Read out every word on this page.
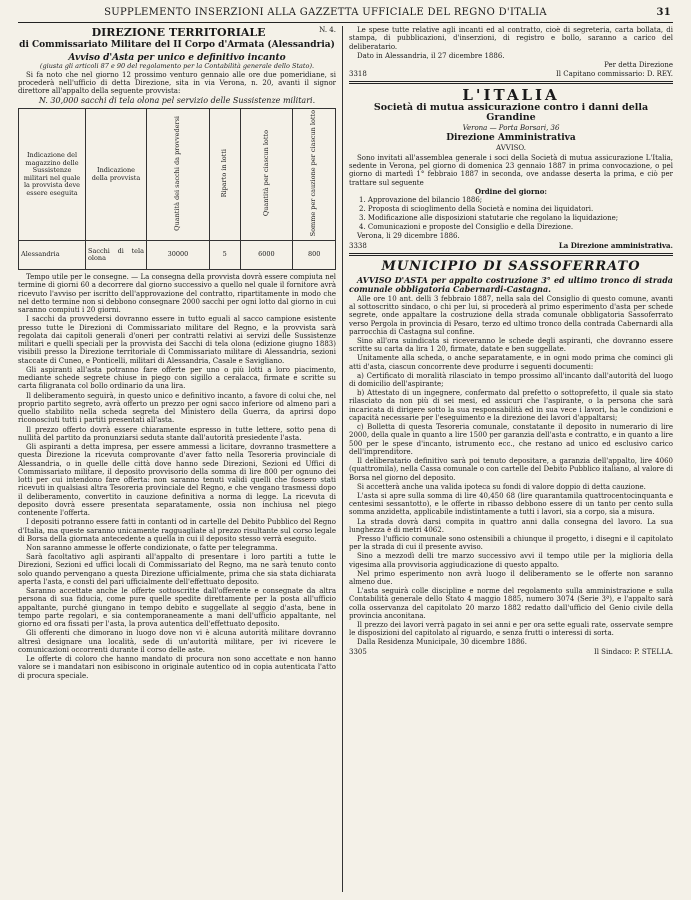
SUPPLEMENTO INSERZIONI ALLA GAZZETTA UFFICIALE DEL REGNO D'ITALIA	31
DIREZIONE TERRITORIALE	N. 4.
di Commissariato Militare del II Corpo d'Armata (Alessandria)
Avviso d'Asta per unico e definitivo incanto
(giusta gli articoli 87 e 90 del regolamento per la Contabilità generale dello Stato).

Si fa noto che nel giorno 12 prossimo venturo gennaio alle ore due pomeridiane, si procederà nell'ufficio di detta Direzione, sita in via Verona, n. 20, avanti il signor direttore all'appalto della seguente provvista:

N. 30,000 sacchi di tela olona pel servizio delle Sussistenze militari.

Indicazione del magazzino delle Sussistenze militari nel quale la provvista deve essere eseguita	Indicazione della provvista	Quantità dei sacchi da provvedersi	Riparto in lotti	Quantità per ciascun lotto	Somme per cauzione per ciascun lotto
Alessandria	Sacchi di tela olona	30000	5	6000	800

Tempo utile per le consegne. — La consegna della provvista dovrà essere compiuta nel termine di giorni 60 a decorrere dal giorno successivo a quello nel quale il fornitore avrà ricevuto l'avviso per iscritto dell'approvazione del contratto, ripartitamente in modo che nel detto termine non si debbono consegnare 2000 sacchi per ogni lotto dal giorno in cui saranno compiuti i 20 giorni.

I sacchi da provvedersi dovranno essere in tutto eguali al sacco campione esistente presso tutte le Direzioni di Commissariato militare del Regno, e la provvista sarà regolata dai capitoli generali d'oneri per contratti relativi ai servizi delle Sussistenze militari e quelli speciali per la provvista dei Sacchi di tela olona (edizione giugno 1883) visibili presso la Direzione territoriale di Commissariato militare di Alessandria, sezioni staccate di Cuneo, e Ponticelli, militari di Alessandria, Casale e Savigliano.

Gli aspiranti all'asta potranno fare offerte per uno o più lotti a loro piacimento, mediante schede segrete chiuse in piego con sigillo a ceralacca, firmate e scritte su carta filigranata col bollo ordinario da una lira.

Il deliberamento seguirà, in questo unico e definitivo incanto, a favore di colui che, nel proprio partito segreto, avrà offerto un prezzo per ogni sacco inferiore od almeno pari a quello stabilito nella scheda segreta del Ministero della Guerra, da aprirsi dopo riconosciuti tutti i partiti presentati all'asta.

Il prezzo offerto dovrà essere chiaramente espresso in tutte lettere, sotto pena di nullità del partito da pronunziarsi seduta stante dall'autorità presiedente l'asta.

Gli aspiranti a detta impresa, per essere ammessi a licitare, dovranno trasmettere a questa Direzione la ricevuta comprovante d'aver fatto nella Tesoreria provinciale di Alessandria, o in quelle delle città dove hanno sede Direzioni, Sezioni ed Uffici di Commissariato militare, il deposito provvisorio della somma di lire 800 per ognuno dei lotti per cui intendono fare offerta: non saranno tenuti validi quelli che fossero stati ricevuti in qualsiasi altra Tesoreria provinciale del Regno, e che vengano trasmessi dopo il deliberamento, convertito in cauzione definitiva a norma di legge. La ricevuta di deposito dovrà essere presentata separatamente, ossia non inchiusa nel piego contenente l'offerta.

I depositi potranno essere fatti in contanti od in cartelle del Debito Pubblico del Regno d'Italia, ma queste saranno unicamente ragguagliate al prezzo risultante sul corso legale di Borsa della giornata antecedente a quella in cui il deposito stesso verrà eseguito.

Non saranno ammesse le offerte condizionate, o fatte per telegramma.

Sarà facoltativo agli aspiranti all'appalto di presentare i loro partiti a tutte le Direzioni, Sezioni ed uffici locali di Commissariato del Regno, ma ne sarà tenuto conto solo quando pervengano a questa Direzione ufficialmente, prima che sia stata dichiarata aperta l'asta, e consti del pari ufficialmente dell'effettuato deposito.

Saranno accettate anche le offerte sottoscritte dall'offerente e consegnate da altra persona di sua fiducia, come pure quelle spedite direttamente per la posta all'ufficio appaltante, purché giungano in tempo debito e suggellate al seggio d'asta, bene in tempo parte regolari, e sia contemporaneamente a mani dell'ufficio appaltante, nel giorno ed ora fissati per l'asta, la prova autentica dell'effettuato deposito.

Gli offerenti che dimorano in luogo dove non vi è alcuna autorità militare dovranno altresì designare una località, sede di un'autorità militare, per ivi ricevere le comunicazioni occorrenti durante il corso delle aste.

Le offerte di coloro che hanno mandato di procura non sono accettate e non hanno valore se i mandatari non esibiscono in originale autentico od in copia autenticata l'atto di procura speciale.

Le spese tutte relative agli incanti ed al contratto, cioè di segreteria, carta bollata, di stampa, di pubblicazioni, d'inserzioni, di registro e bollo, saranno a carico del deliberatario.

Dato in Alessandria, il 27 dicembre 1886.

Per detta Direzione

3318	Il Capitano commissario: D. REY.
L'ITALIA
Società di mutua assicurazione contro i danni della Grandine
Verona — Porta Borsari, 36
Direzione Amministrativa
AVVISO.

Sono invitati all'assemblea generale i soci della Società di mutua assicurazione L'Italia, sedente in Verona, pel giorno di domenica 23 gennaio 1887 in prima convocazione, o pel giorno di martedì 1° febbraio 1887 in seconda, ove andasse deserta la prima, e ciò per trattare sul seguente

Ordine del giorno:

1. Approvazione del bilancio 1886;

2. Proposta di scioglimento della Società e nomina dei liquidatori.

3. Modificazione alle disposizioni statutarie che regolano la liquidazione;

4. Comunicazioni e proposte del Consiglio e della Direzione.

Verona, li 29 dicembre 1886.

3338	La Direzione amministrativa.
MUNICIPIO DI SASSOFERRATO

AVVISO D'ASTA per appalto costruzione 3° ed ultimo tronco di strada comunale obbligatoria Cabernardi-Castagna.

Alle ore 10 ant. delli 3 febbraio 1887, nella sala del Consiglio di questo comune, avanti al sottoscritto sindaco, o chi per lui, si procederà al primo esperimento d'asta per schede segrete, onde appaltare la costruzione della strada comunale obbligatoria Sassoferrato verso Pergola in provincia di Pesaro, terzo ed ultimo tronco della contrada Cabernardi alla parrocchia di Castagna sul confine.

Sino all'ora suindicata si riceveranno le schede degli aspiranti, che dovranno essere scritte su carta da lira 1 20, firmate, datate e ben suggellate.

Unitamente alla scheda, o anche separatamente, e in ogni modo prima che cominci gli atti d'asta, ciascun concorrente deve produrre i seguenti documenti:

a) Certificato di moralità rilasciato in tempo prossimo all'incanto dall'autorità del luogo di domicilio dell'aspirante;

b) Attestato di un ingegnere, confermato dal prefetto o sottoprefetto, il quale sia stato rilasciato da non più di sei mesi, ed assicuri che l'aspirante, o la persona che sarà incaricata di dirigere sotto la sua responsabilità ed in sua vece i lavori, ha le condizioni e capacità necessarie per l'eseguimento e la direzione dei lavori d'appaltarsi;

c) Bolletta di questa Tesoreria comunale, constatante il deposito in numerario di lire 2000, della quale in quanto a lire 1500 per garanzia dell'asta e contratto, e in quanto a lire 500 per le spese d'incanto, istrumento ecc., che restano ad unico ed esclusivo carico dell'imprenditore.

Il deliberatario definitivo sarà poi tenuto depositare, a garanzia dell'appalto, lire 4060 (quattromila), nella Cassa comunale o con cartelle del Debito Pubblico italiano, al valore di Borsa nel giorno del deposito.

Si accetterà anche una valida ipoteca su fondi di valore doppio di detta cauzione.

L'asta si apre sulla somma di lire 40,450 68 (lire quarantamila quattrocentocinquanta e centesimi sessantotto), e le offerte in ribasso debbono essere di un tanto per cento sulla somma anzidetta, applicabile indistintamente a tutti i lavori, sia a corpo, sia a misura.

La strada dovrà darsi compita in quattro anni dalla consegna del lavoro. La sua lunghezza è di metri 4062.

Presso l'ufficio comunale sono ostensibili a chiunque il progetto, i disegni e il capitolato per la strada di cui il presente avviso.

Sino a mezzodì delli tre marzo successivo avvi il tempo utile per la miglioria della vigesima alla provvisoria aggiudicazione di questo appalto.

Nel primo esperimento non avrà luogo il deliberamento se le offerte non saranno almeno due.

L'asta seguirà colle discipline e norme del regolamento sulla amministrazione e sulla Contabilità generale dello Stato 4 maggio 1885, numero 3074 (Serie 3ª), e l'appalto sarà colla osservanza del capitolato 20 marzo 1882 redatto dall'ufficio del Genio civile della provincia anconitana.

Il prezzo dei lavori verrà pagato in sei anni e per ora sette eguali rate, osservate sempre le disposizioni del capitolato al riguardo, e senza frutti o interessi di sorta.

Dalla Residenza Municipale, 30 dicembre 1886.

3305	Il Sindaco: P. STELLA.
